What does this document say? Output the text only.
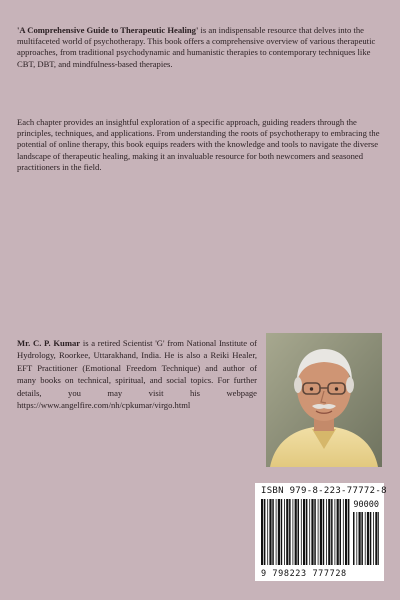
'A Comprehensive Guide to Therapeutic Healing' is an indispensable resource that delves into the multifaceted world of psychotherapy. This book offers a comprehensive overview of various therapeutic approaches, from traditional psychodynamic and humanistic therapies to contemporary techniques like CBT, DBT, and mindfulness-based therapies.

Each chapter provides an insightful exploration of a specific approach, guiding readers through the principles, techniques, and applications. From understanding the roots of psychotherapy to embracing the potential of online therapy, this book equips readers with the knowledge and tools to navigate the diverse landscape of therapeutic healing, making it an invaluable resource for both newcomers and seasoned practitioners in the field.

Mr. C. P. Kumar is a retired Scientist 'G' from National Institute of Hydrology, Roorkee, Uttarakhand, India. He is also a Reiki Healer, EFT Practitioner (Emotional Freedom Technique) and author of many books on technical, spiritual, and social topics. For further details, you may visit his webpage https://www.angelfire.com/nh/cpkumar/virgo.html

ISBN 979-8-223-77772-8
90000
9 798223 777728
